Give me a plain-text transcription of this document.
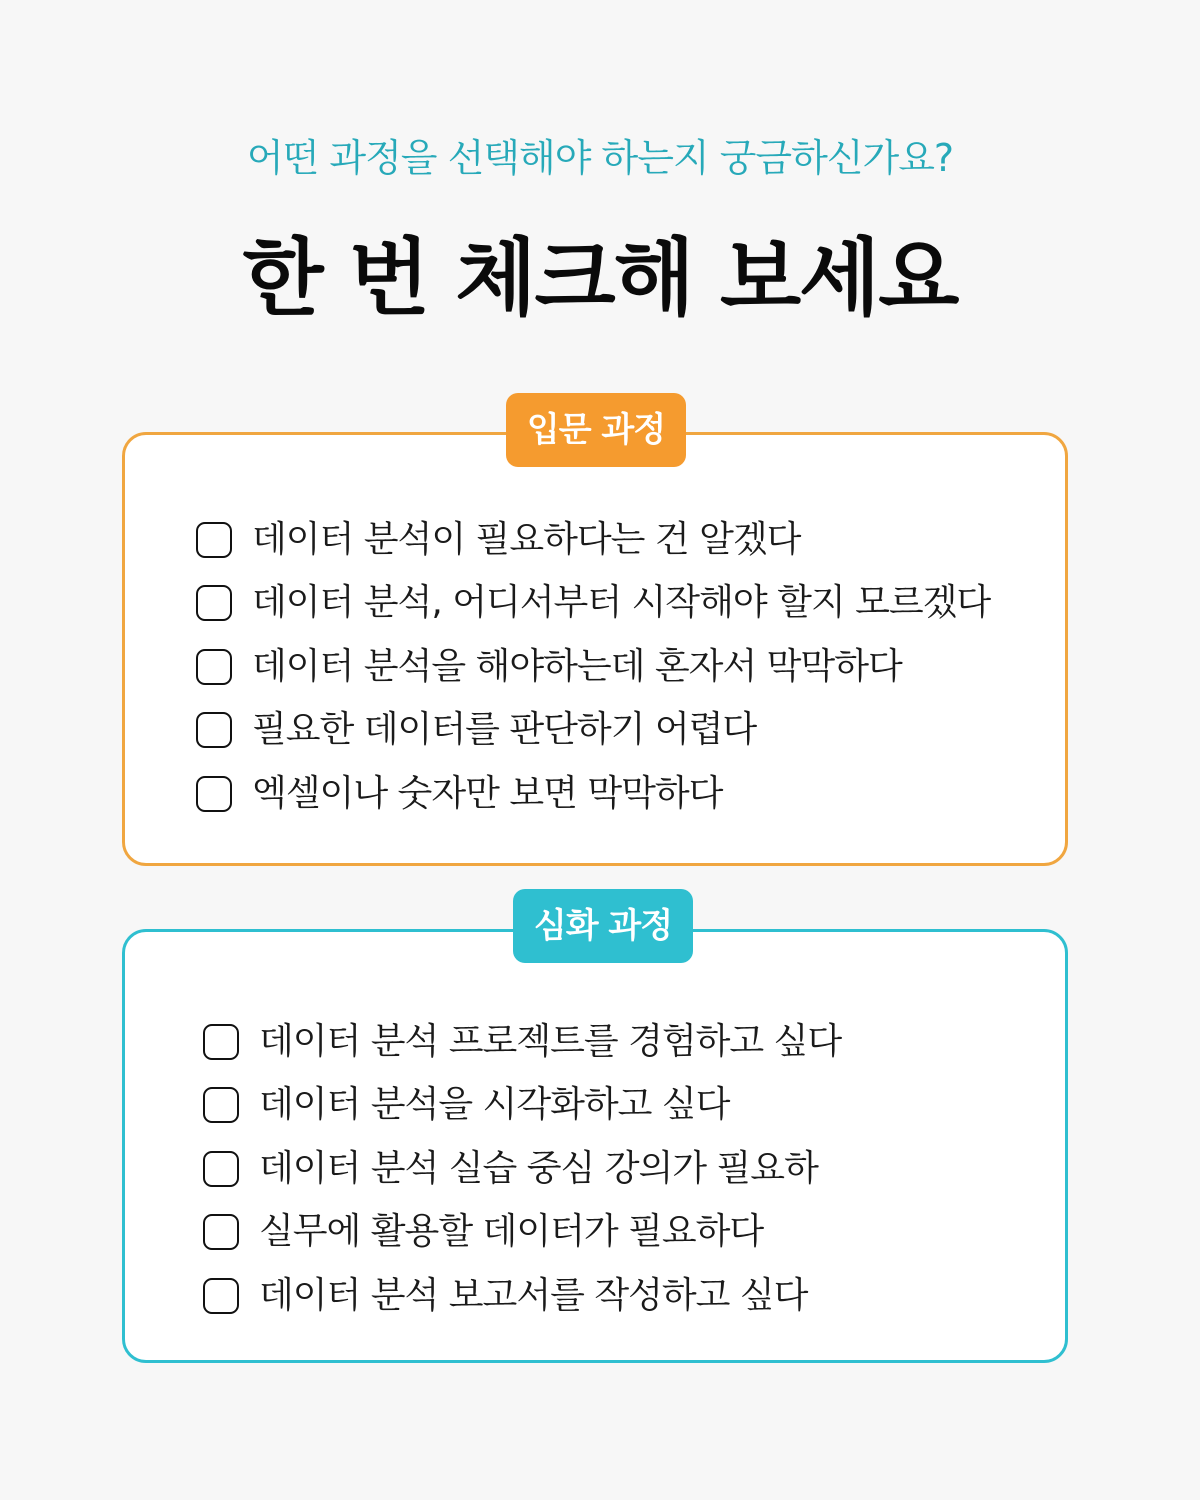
어떤 과정을 선택해야 하는지 궁금하신가요?
한 번 체크해 보세요
입문 과정
데이터 분석이 필요하다는 건 알겠다
데이터 분석, 어디서부터 시작해야 할지 모르겠다
데이터 분석을 해야하는데 혼자서 막막하다
필요한 데이터를 판단하기 어렵다
엑셀이나 숫자만 보면 막막하다
심화 과정
데이터 분석 프로젝트를 경험하고 싶다
데이터 분석을 시각화하고 싶다
데이터 분석 실습 중심 강의가 필요하
실무에 활용할 데이터가 필요하다
데이터 분석 보고서를 작성하고 싶다
